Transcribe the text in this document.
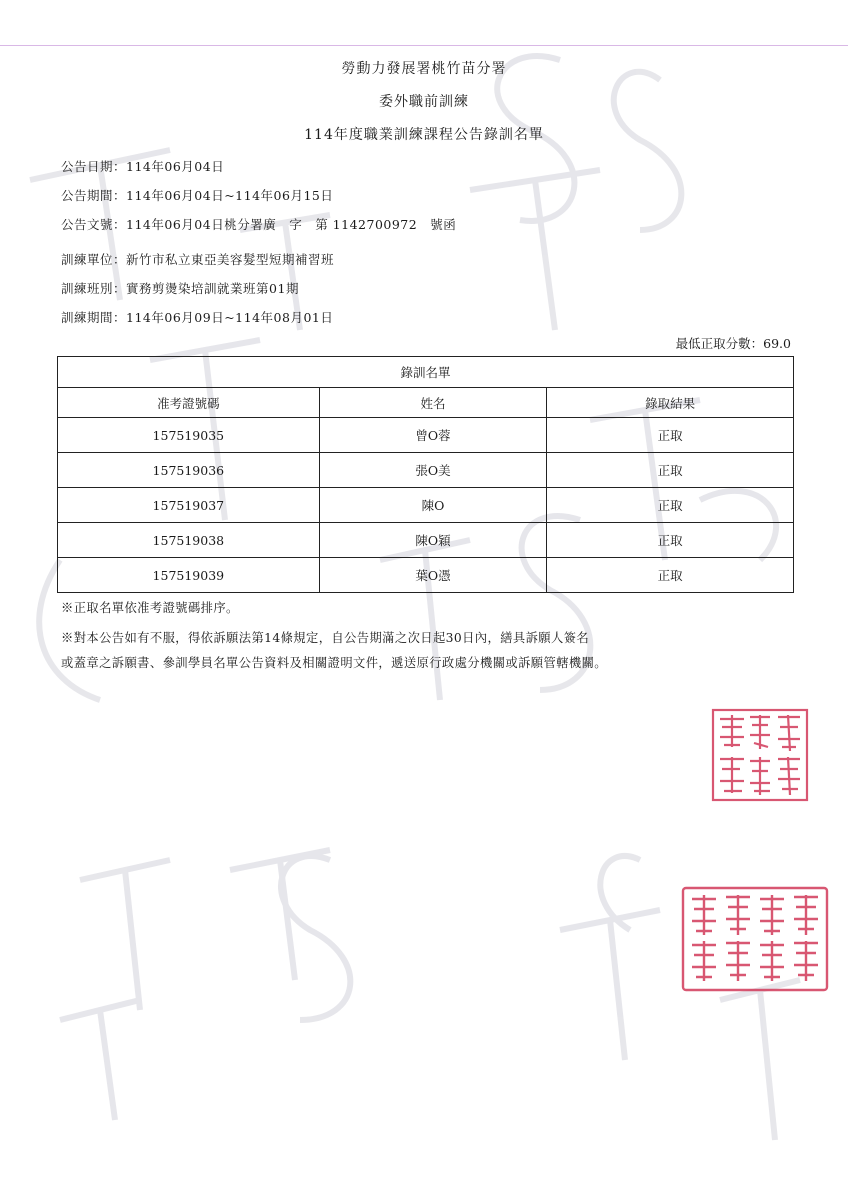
勞動力發展署桃竹苗分署
委外職前訓練
114年度職業訓練課程公告錄訓名單
公告日期 ： 114年06月04日
公告期間 ： 114年06月04日~114年06月15日
公告文號 ： 114年06月04日桃分署廣　字　第 1142700972　號函
訓練單位 ： 新竹市私立東亞美容髮型短期補習班
訓練班別 ： 實務剪燙染培訓就業班第01期
訓練期間 ： 114年06月09日~114年08月01日
最低正取分數 ： 69.0
錄訓名單		
准考證號碼	姓名	錄取結果
157519035	曾O蓉	正取
157519036	張O美	正取
157519037	陳O	正取
157519038	陳O穎	正取
157519039	葉O憑	正取
※正取名單依准考證號碼排序。
※對本公告如有不服，得依訴願法第14條規定，自公告期滿之次日起30日內，繕具訴願人簽名
或蓋章之訴願書、參訓學員名單公告資料及相關證明文件，遞送原行政處分機關或訴願管轄機關。
